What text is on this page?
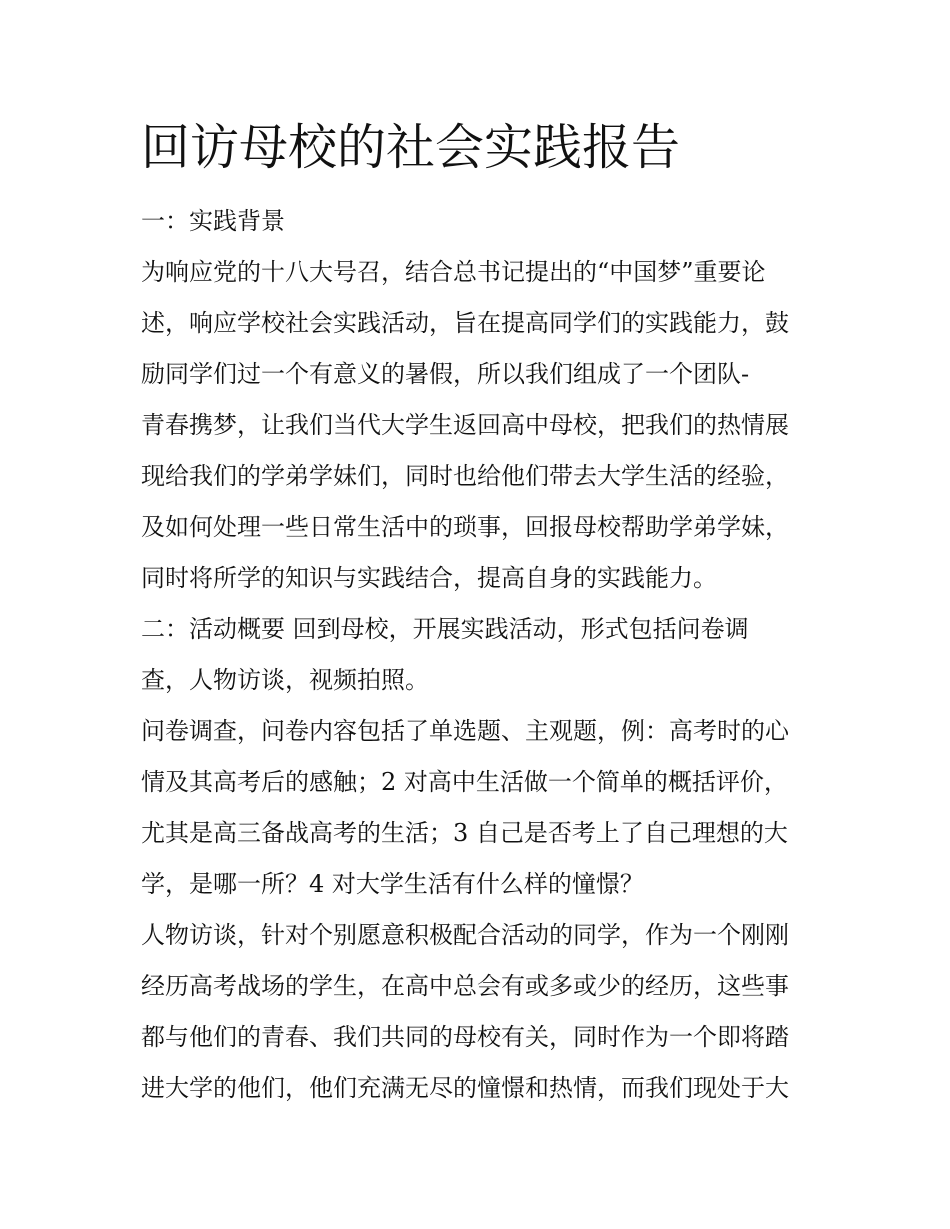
回访母校的社会实践报告

一：实践背景

为响应党的十八大号召，结合总书记提出的“中国梦”重要论

述，响应学校社会实践活动，旨在提高同学们的实践能力，鼓

励同学们过一个有意义的暑假，所以我们组成了一个团队-

青春携梦，让我们当代大学生返回高中母校，把我们的热情展

现给我们的学弟学妹们，同时也给他们带去大学生活的经验，

及如何处理一些日常生活中的琐事，回报母校帮助学弟学妹，

同时将所学的知识与实践结合，提高自身的实践能力。

二：活动概要 回到母校，开展实践活动，形式包括问卷调

查，人物访谈，视频拍照。

问卷调查，问卷内容包括了单选题、主观题，例：高考时的心

情及其高考后的感触；2 对高中生活做一个简单的概括评价，

尤其是高三备战高考的生活；3 自己是否考上了自己理想的大

学，是哪一所？4 对大学生活有什么样的憧憬？

人物访谈，针对个别愿意积极配合活动的同学，作为一个刚刚

经历高考战场的学生，在高中总会有或多或少的经历，这些事

都与他们的青春、我们共同的母校有关，同时作为一个即将踏

进大学的他们，他们充满无尽的憧憬和热情，而我们现处于大
